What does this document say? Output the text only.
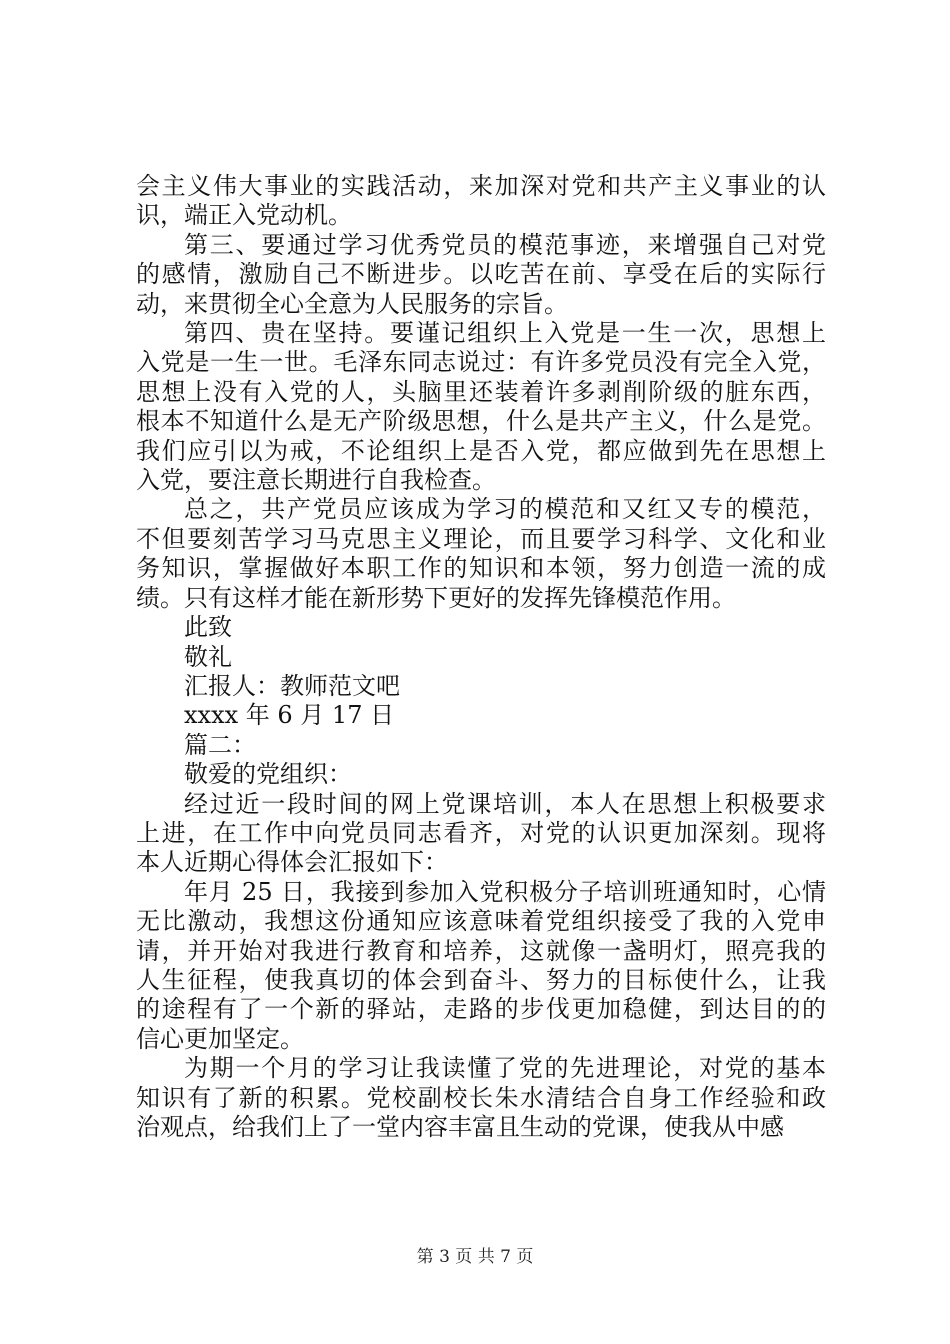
会主义伟大事业的实践活动，来加深对党和共产主义事业的认
识，端正入党动机。
第三、要通过学习优秀党员的模范事迹，来增强自己对党
的感情，激励自己不断进步。以吃苦在前、享受在后的实际行
动，来贯彻全心全意为人民服务的宗旨。
第四、贵在坚持。要谨记组织上入党是一生一次，思想上
入党是一生一世。毛泽东同志说过：有许多党员没有完全入党，
思想上没有入党的人，头脑里还装着许多剥削阶级的脏东西，
根本不知道什么是无产阶级思想，什么是共产主义，什么是党。
我们应引以为戒，不论组织上是否入党，都应做到先在思想上
入党，要注意长期进行自我检查。
总之，共产党员应该成为学习的模范和又红又专的模范，
不但要刻苦学习马克思主义理论，而且要学习科学、文化和业
务知识，掌握做好本职工作的知识和本领，努力创造一流的成
绩。只有这样才能在新形势下更好的发挥先锋模范作用。
此致
敬礼
汇报人：教师范文吧
xxxx 年 6 月 17 日
篇二：
敬爱的党组织：
经过近一段时间的网上党课培训，本人在思想上积极要求
上进，在工作中向党员同志看齐，对党的认识更加深刻。现将
本人近期心得体会汇报如下：
年月 25 日，我接到参加入党积极分子培训班通知时，心情
无比激动，我想这份通知应该意味着党组织接受了我的入党申
请，并开始对我进行教育和培养，这就像一盏明灯，照亮我的
人生征程，使我真切的体会到奋斗、努力的目标使什么，让我
的途程有了一个新的驿站，走路的步伐更加稳健，到达目的的
信心更加坚定。
为期一个月的学习让我读懂了党的先进理论，对党的基本
知识有了新的积累。党校副校长朱水清结合自身工作经验和政
治观点，给我们上了一堂内容丰富且生动的党课，使我从中感
第 3 页 共 7 页
